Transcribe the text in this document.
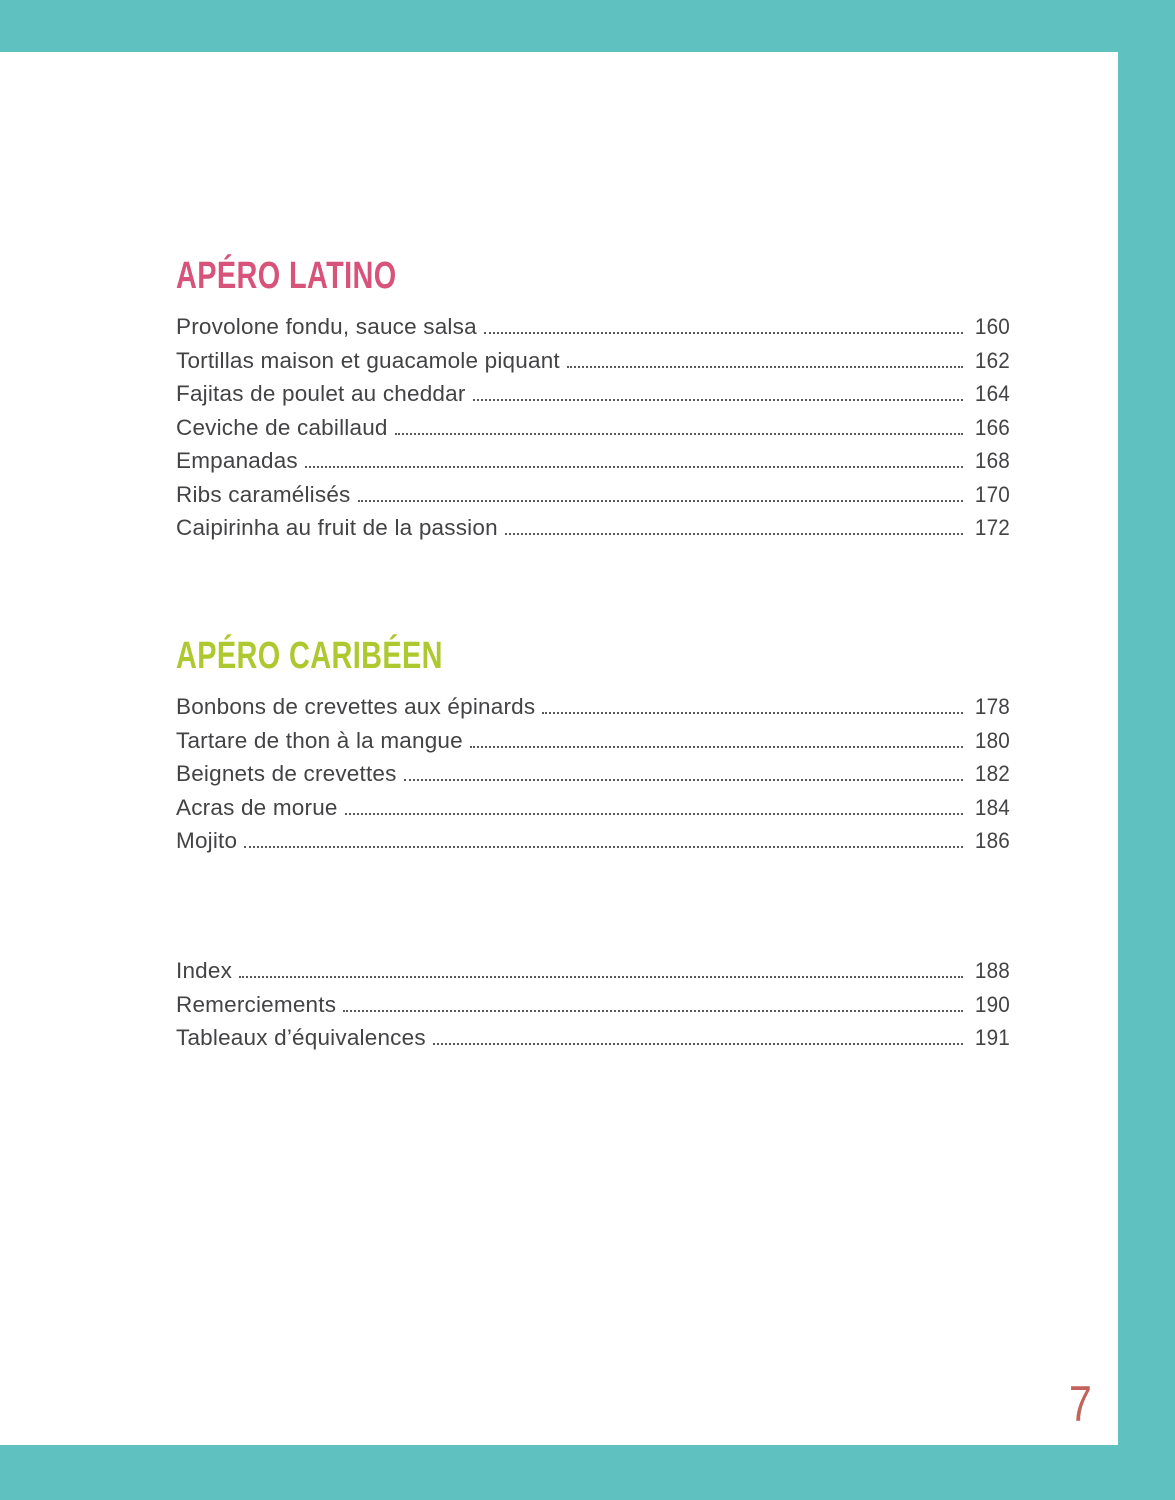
APÉRO LATINO
Provolone fondu, sauce salsa	160
Tortillas maison et guacamole piquant	162
Fajitas de poulet au cheddar	164
Ceviche de cabillaud	166
Empanadas	168
Ribs caramélisés	170
Caipirinha au fruit de la passion	172
APÉRO CARIBÉEN
Bonbons de crevettes aux épinards	178
Tartare de thon à la mangue	180
Beignets de crevettes	182
Acras de morue	184
Mojito	186
Index	188
Remerciements	190
Tableaux d’équivalences	191
7
